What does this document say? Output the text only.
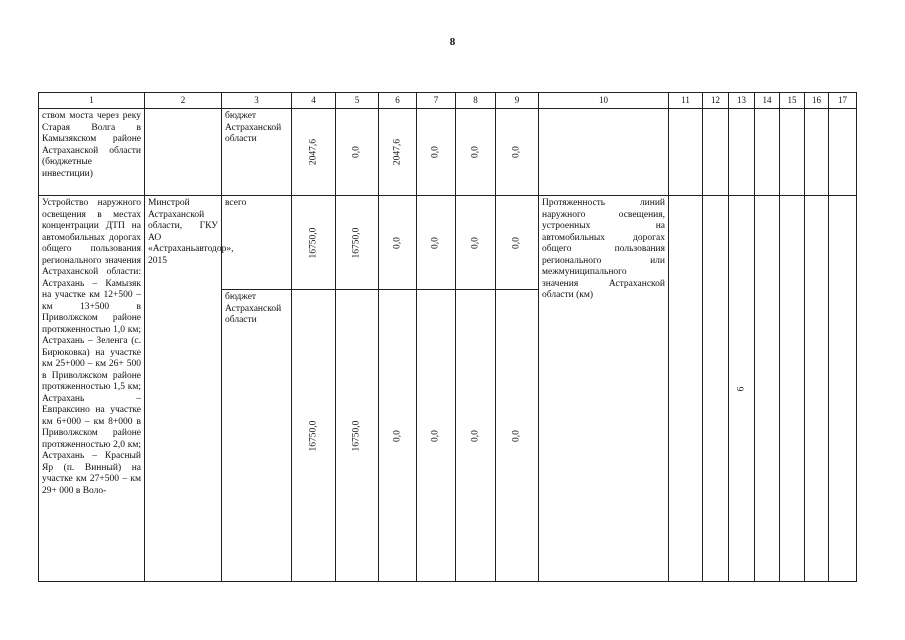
8
1	2	3	4	5	6	7	8	9	10	11	12	13	14	15	16	17

ством моста через реку Старая Волга в Камызякском районе Астраханской области (бюджетные инвестиции)		бюджет Астраханской области	2047,6	0,0	2047,6	0,0	0,0	0,0								

Устройство наружного освещения в местах концентрации ДТП на автомобильных дорогах общего пользования регионального значения Астраханской области: Астрахань – Камызяк на участке км 12+500 – км 13+500 в Приволжском районе протяженностью 1,0 км; Астрахань – Зеленга (с. Бирюковка) на участке км 25+000 – км 26+ 500 в Приволжском районе протяженностью 1,5 км; Астрахань – Евпраксино на участке км 6+000 – км 8+000 в Приволжском районе протяженностью 2,0 км; Астрахань – Красный Яр (п. Винный) на участке км 27+500 – км 29+ 000 в Воло-	Минстрой Астраханской области, ГКУ АО «Астраханьавтодор», 2015	всего	16750,0	16750,0	0,0	0,0	0,0	0,0	Протяженность линий наружного освещения, устроенных на автомобильных дорогах общего пользования регионального или межмуниципального значения Астраханской области (км)			6				

		бюджет Астраханской области	16750,0	16750,0	0,0	0,0	0,0	0,0								
